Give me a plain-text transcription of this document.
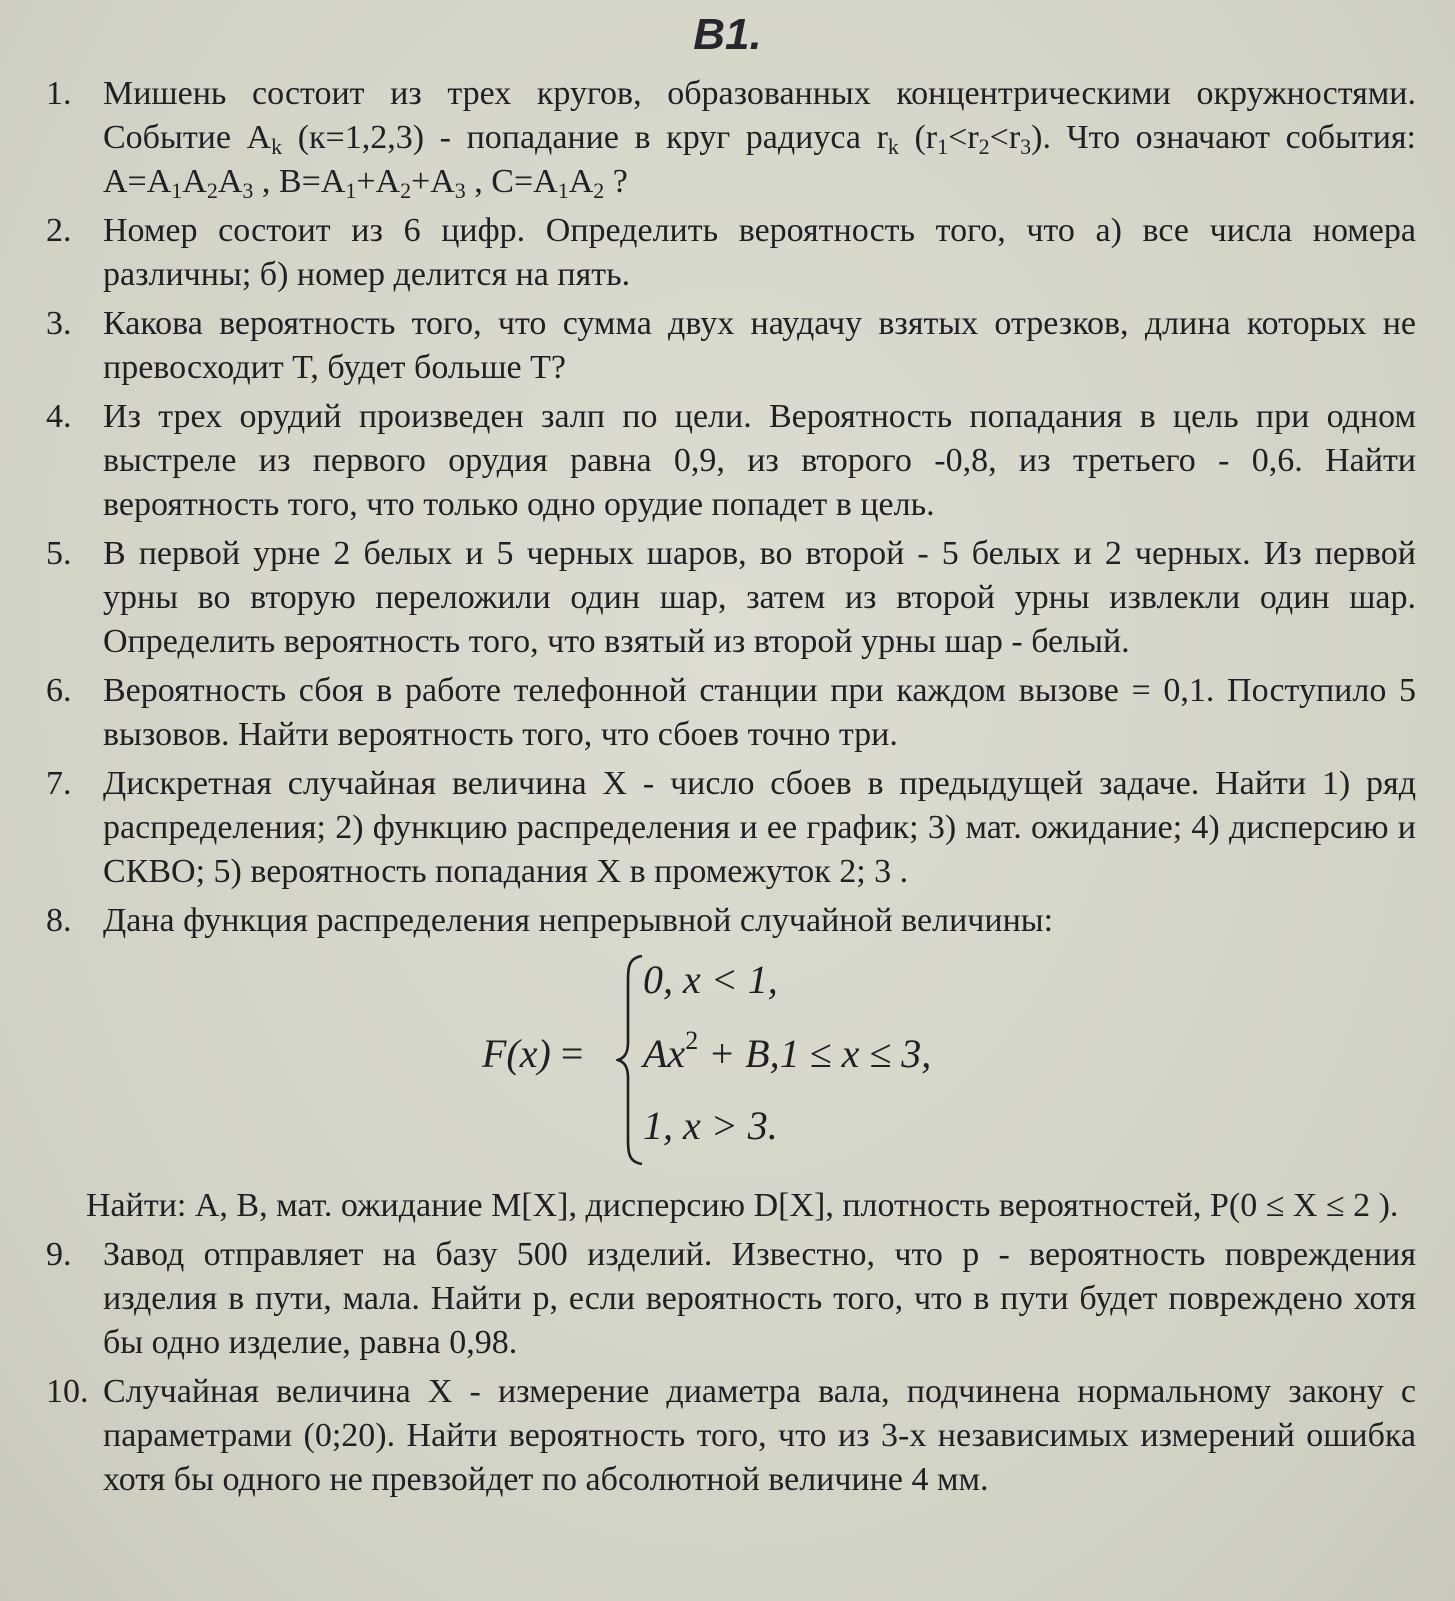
B1.
1. Мишень состоит из трех кругов, образованных концентрическими окружностями. Событие $A_k$ (к=1,2,3) - попадание в круг радиуса $r_k$ $(r_1<r_2<r_3)$. Что означают события: $A=A_1A_2A_3$ , $B=A_1+A_2+A_3$ , $C=A_1A_2$ ?
2. Номер состоит из 6 цифр. Определить вероятность того, что а) все числа номера различны; б) номер делится на пять.
3. Какова вероятность того, что сумма двух наудачу взятых отрезков, длина которых не превосходит T, будет больше T?
4. Из трех орудий произведен залп по цели. Вероятность попадания в цель при одном выстреле из первого орудия равна 0,9, из второго -0,8, из третьего - 0,6. Найти вероятность того, что только одно орудие попадет в цель.
5. В первой урне 2 белых и 5 черных шаров, во второй - 5 белых и 2 черных. Из первой урны во вторую переложили один шар, затем из второй урны извлекли один шар. Определить вероятность того, что взятый из второй урны шар - белый.
6. Вероятность сбоя в работе телефонной станции при каждом вызове = 0,1. Поступило 5 вызовов. Найти вероятность того, что сбоев точно три.
7. Дискретная случайная величина X - число сбоев в предыдущей задаче. Найти 1) ряд распределения; 2) функцию распределения и ее график; 3) мат. ожидание; 4) дисперсию и СКВО; 5) вероятность попадания X в промежуток 2; 3 .
8. Дана функция распределения непрерывной случайной величины:
F(x) =
0, x < 1,
$Ax^2 + B,1 \le x \le 3$,
1, x > 3.
Найти: A, B, мат. ожидание M[X], дисперсию D[X], плотность вероятностей, P(0 ≤ X ≤ 2 ).
9. Завод отправляет на базу 500 изделий. Известно, что p - вероятность повреждения изделия в пути, мала. Найти p, если вероятность того, что в пути будет повреждено хотя бы одно изделие, равна 0,98.
10. Случайная величина X - измерение диаметра вала, подчинена нормальному закону с параметрами (0;20). Найти вероятность того, что из 3-х независимых измерений ошибка хотя бы одного не превзойдет по абсолютной величине 4 мм.
